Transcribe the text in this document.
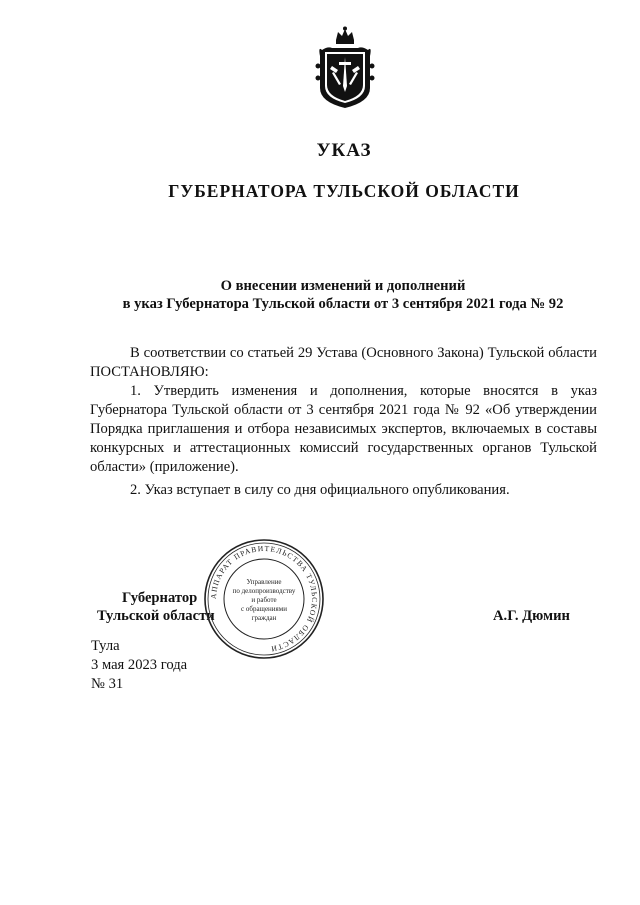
УКАЗ
ГУБЕРНАТОРА ТУЛЬСКОЙ ОБЛАСТИ
О внесении изменений и дополнений
в указ Губернатора Тульской области от 3 сентября 2021 года № 92
В соответствии со статьей 29 Устава (Основного Закона) Тульской области ПОСТАНОВЛЯЮ:
1. Утвердить изменения и дополнения, которые вносятся в указ Губернатора Тульской области от 3 сентября 2021 года № 92 «Об утверждении Порядка приглашения и отбора независимых экспертов, включаемых в составы конкурсных и аттестационных комиссий государственных органов Тульской области» (приложение).
2. Указ вступает в силу со дня официального опубликования.
Губернатор
Тульской области	А.Г. Дюмин
АППАРАТ ПРАВИТЕЛЬСТВА ТУЛЬСКОЙ ОБЛАСТИ
Управление
по делопроизводству
и работе
с обращениями
граждан
Тула
3 мая 2023 года
№ 31
